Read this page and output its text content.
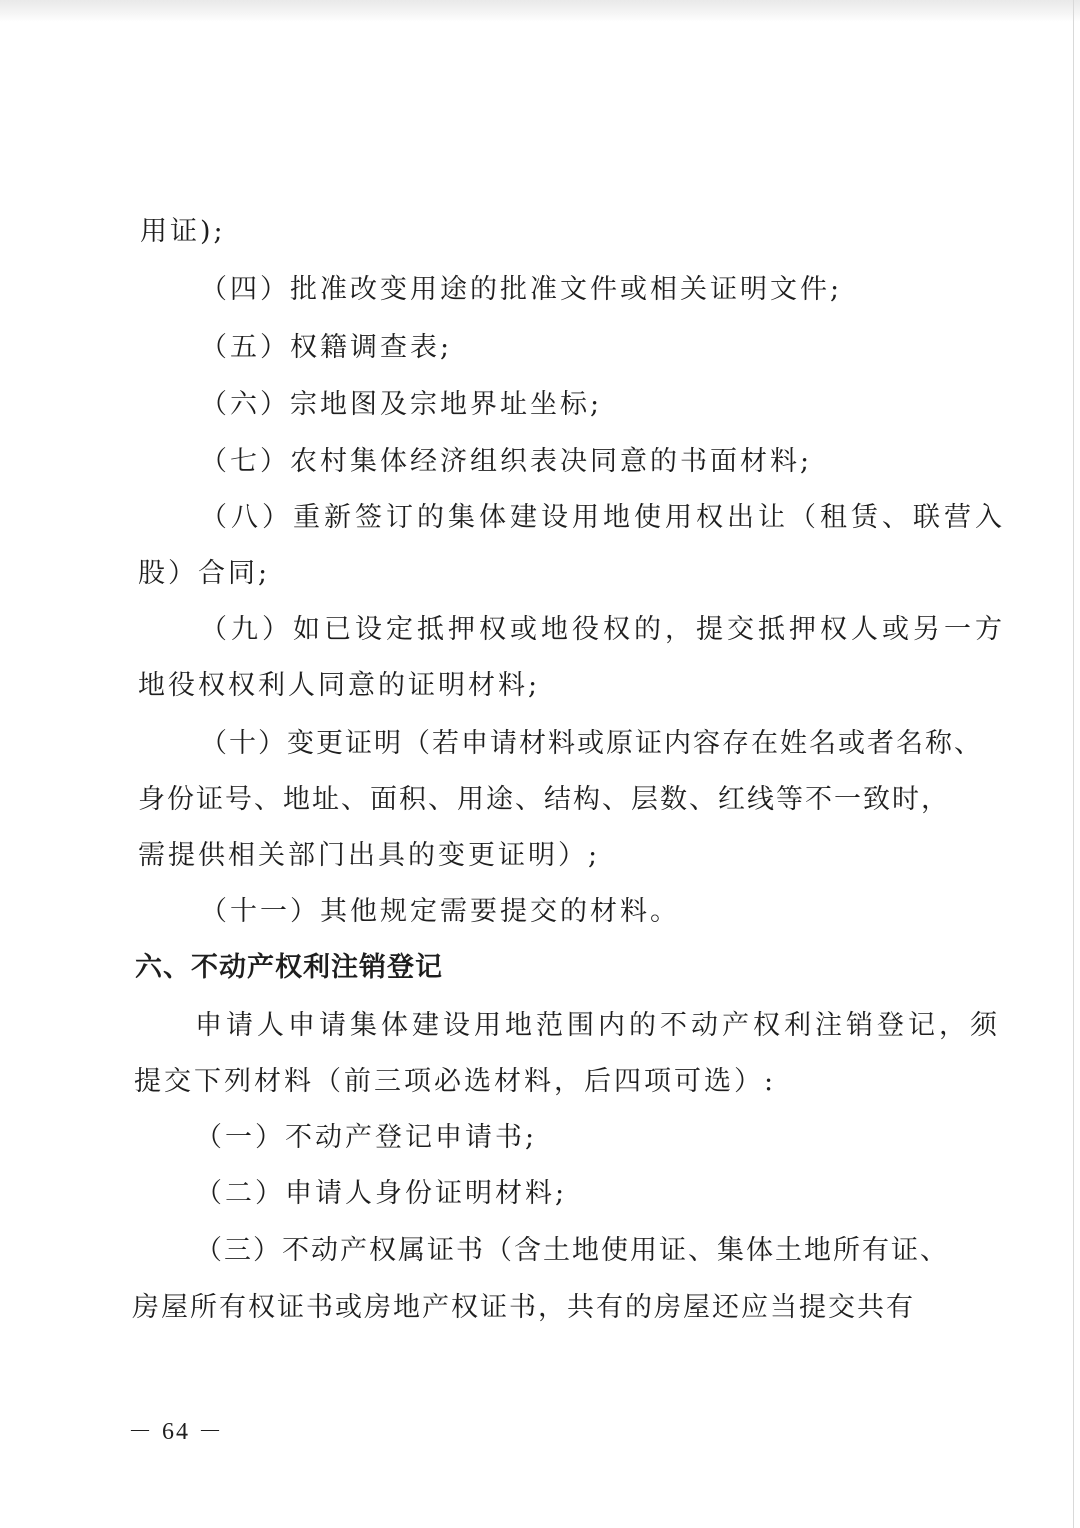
用证);
（四）批准改变用途的批准文件或相关证明文件;
（五）权籍调查表;
（六）宗地图及宗地界址坐标;
（七）农村集体经济组织表决同意的书面材料;
（八）重新签订的集体建设用地使用权出让（租赁、联营入
股）合同;
（九）如已设定抵押权或地役权的，提交抵押权人或另一方
地役权权利人同意的证明材料;
（十）变更证明（若申请材料或原证内容存在姓名或者名称、
身份证号、地址、面积、用途、结构、层数、红线等不一致时，
需提供相关部门出具的变更证明）;
（十一）其他规定需要提交的材料。
六、不动产权利注销登记
申请人申请集体建设用地范围内的不动产权利注销登记，须
提交下列材料（前三项必选材料，后四项可选）:
（一）不动产登记申请书;
（二）申请人身份证明材料;
（三）不动产权属证书（含土地使用证、集体土地所有证、
房屋所有权证书或房地产权证书，共有的房屋还应当提交共有
－ 64 －
